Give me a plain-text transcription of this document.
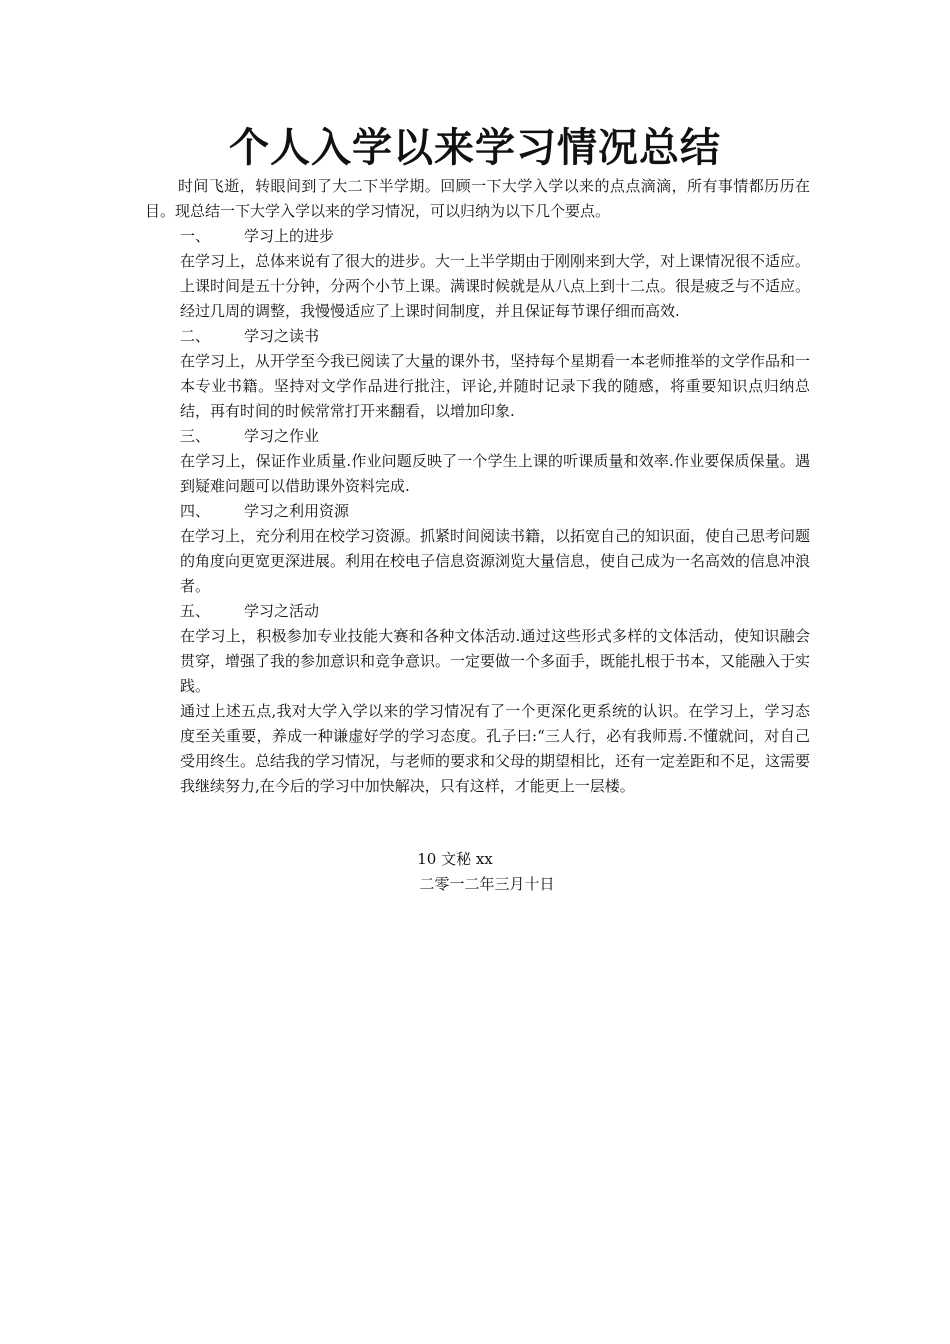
个人入学以来学习情况总结

时间飞逝，转眼间到了大二下半学期。回顾一下大学入学以来的点点滴滴，所有事情都历历在目。现总结一下大学入学以来的学习情况，可以归纳为以下几个要点。

一、	学习上的进步

在学习上，总体来说有了很大的进步。大一上半学期由于刚刚来到大学，对上课情况很不适应。上课时间是五十分钟，分两个小节上课。满课时候就是从八点上到十二点。很是疲乏与不适应。经过几周的调整，我慢慢适应了上课时间制度，并且保证每节课仔细而高效.

二、	学习之读书

在学习上，从开学至今我已阅读了大量的课外书，坚持每个星期看一本老师推举的文学作品和一本专业书籍。坚持对文学作品进行批注，评论,并随时记录下我的随感，将重要知识点归纳总结，再有时间的时候常常打开来翻看，以增加印象.

三、	学习之作业

在学习上，保证作业质量.作业问题反映了一个学生上课的听课质量和效率.作业要保质保量。遇到疑难问题可以借助课外资料完成.

四、	学习之利用资源

在学习上，充分利用在校学习资源。抓紧时间阅读书籍，以拓宽自己的知识面，使自己思考问题的角度向更宽更深进展。利用在校电子信息资源浏览大量信息，使自己成为一名高效的信息冲浪者。

五、	学习之活动

在学习上，积极参加专业技能大赛和各种文体活动.通过这些形式多样的文体活动，使知识融会贯穿，增强了我的参加意识和竞争意识。一定要做一个多面手，既能扎根于书本，又能融入于实践。

通过上述五点,我对大学入学以来的学习情况有了一个更深化更系统的认识。在学习上，学习态度至关重要，养成一种谦虚好学的学习态度。孔子曰:“三人行，必有我师焉.不懂就问，对自己受用终生。总结我的学习情况，与老师的要求和父母的期望相比，还有一定差距和不足，这需要我继续努力,在今后的学习中加快解决，只有这样，才能更上一层楼。

10 文秘 xx

二零一二年三月十日
